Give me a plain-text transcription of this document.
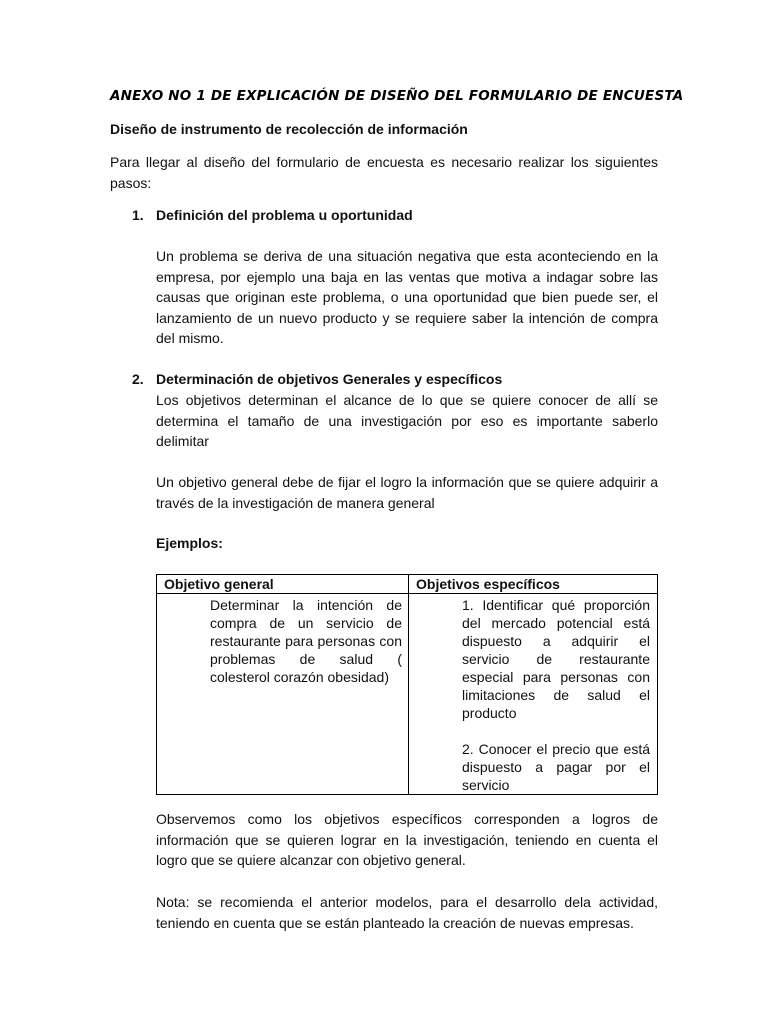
ANEXO NO 1 DE EXPLICACIÓN DE DISEÑO DEL FORMULARIO DE ENCUESTA
Diseño de instrumento de recolección de información

Para llegar al diseño del formulario de encuesta es necesario realizar los siguientes pasos:

1. Definición del problema u oportunidad

Un problema se deriva de una situación negativa que esta aconteciendo en la empresa, por ejemplo una baja en las ventas que motiva a indagar sobre las causas que originan este problema, o una oportunidad que bien puede ser, el lanzamiento de un nuevo producto y se requiere saber la intención de compra del mismo.

2. Determinación de objetivos Generales y específicos

Los objetivos determinan el alcance de lo que se quiere conocer de allí se determina el tamaño de una investigación por eso es importante saberlo delimitar

Un objetivo general debe de fijar el logro la información que se quiere adquirir a través de la investigación de manera general

Ejemplos:
Objetivo general	Objetivos específicos

Determinar la intención de compra de un servicio de restaurante para personas con problemas de salud ( colesterol corazón obesidad)	1. Identificar qué proporción del mercado potencial está dispuesto a adquirir el servicio de restaurante especial para personas con limitaciones de salud el producto
2. Conocer el precio que está dispuesto a pagar por el servicio

Observemos como los objetivos específicos corresponden a logros de información que se quieren lograr en la investigación, teniendo en cuenta el logro que se quiere alcanzar con objetivo general.

Nota: se recomienda el anterior modelos, para el desarrollo dela actividad, teniendo en cuenta que se están planteado la creación de nuevas empresas.
